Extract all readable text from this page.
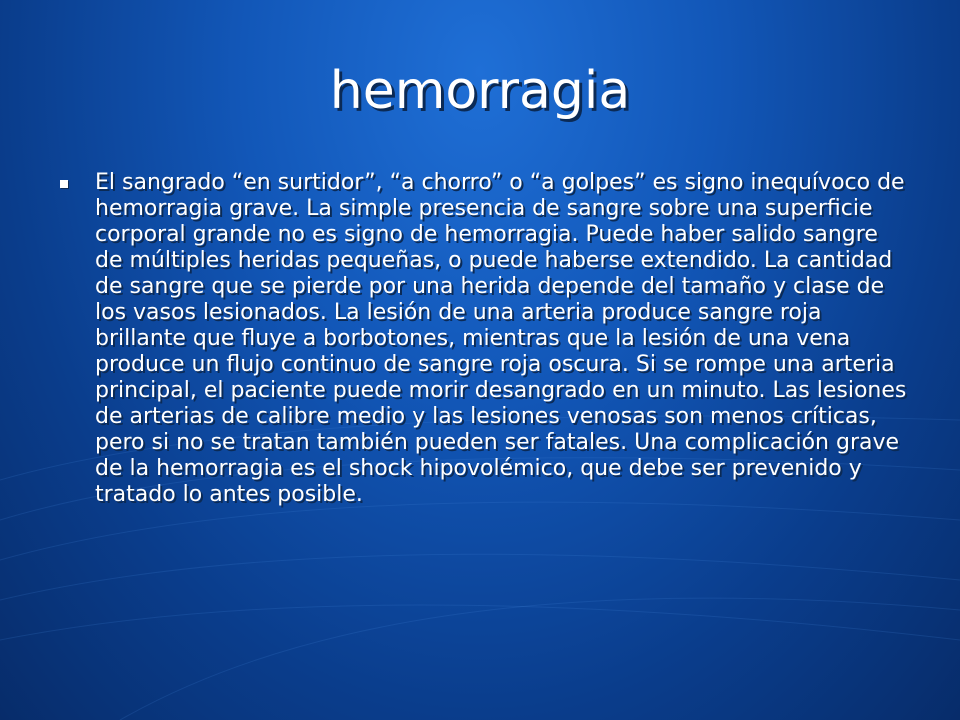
hemorragia
El sangrado “en surtidor”, “a chorro” o “a golpes” es signo inequívoco de hemorragia grave. La simple presencia de sangre sobre una superficie corporal grande no es signo de hemorragia. Puede haber salido sangre de múltiples heridas pequeñas, o puede haberse extendido. La cantidad de sangre que se pierde por una herida depende del tamaño y clase de los vasos lesionados. La lesión de una arteria produce sangre roja brillante que fluye a borbotones, mientras que la lesión de una vena produce un flujo continuo de sangre roja oscura. Si se rompe una arteria principal, el paciente puede morir desangrado en un minuto. Las lesiones de arterias de calibre medio y las lesiones venosas son menos críticas, pero si no se tratan también pueden ser fatales. Una complicación grave de la hemorragia es el shock hipovolémico, que debe ser prevenido y tratado lo antes posible.
